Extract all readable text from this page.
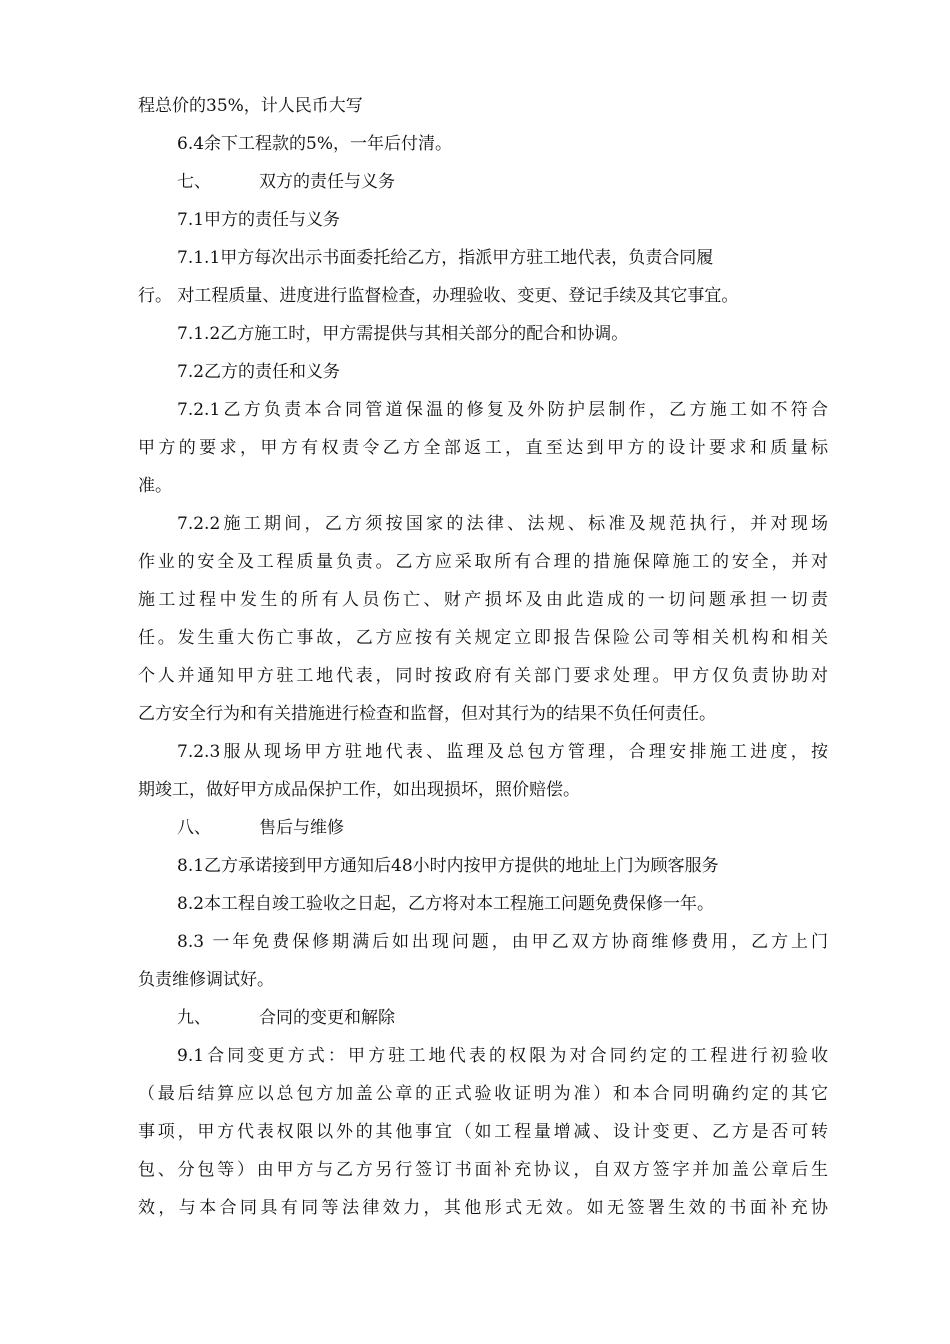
程总价的35%，计人民币大写
6.4余下工程款的5%，一年后付清。
七、	双方的责任与义务
7.1甲方的责任与义务
7.1.1甲方每次出示书面委托给乙方，指派甲方驻工地代表，负责合同履
行。 对工程质量、进度进行监督检查，办理验收、变更、登记手续及其它事宜。
7.1.2乙方施工时，甲方需提供与其相关部分的配合和协调。
7.2乙方的责任和义务
7.2.1乙方负责本合同管道保温的修复及外防护层制作，乙方施工如不符合
甲方的要求，甲方有权责令乙方全部返工，直至达到甲方的设计要求和质量标
准。
7.2.2施工期间，乙方须按国家的法律、法规、标准及规范执行，并对现场
作业的安全及工程质量负责。乙方应采取所有合理的措施保障施工的安全，并对
施工过程中发生的所有人员伤亡、财产损坏及由此造成的一切问题承担一切责
任。发生重大伤亡事故，乙方应按有关规定立即报告保险公司等相关机构和相关
个人并通知甲方驻工地代表，同时按政府有关部门要求处理。甲方仅负责协助对
乙方安全行为和有关措施进行检查和监督，但对其行为的结果不负任何责任。
7.2.3服从现场甲方驻地代表、监理及总包方管理，合理安排施工进度，按
期竣工，做好甲方成品保护工作，如出现损坏，照价赔偿。
八、	售后与维修
8.1乙方承诺接到甲方通知后48小时内按甲方提供的地址上门为顾客服务
8.2本工程自竣工验收之日起，乙方将对本工程施工问题免费保修一年。
8.3 一年免费保修期满后如出现问题，由甲乙双方协商维修费用，乙方上门
负责维修调试好。
九、	合同的变更和解除
9.1合同变更方式：甲方驻工地代表的权限为对合同约定的工程进行初验收
（最后结算应以总包方加盖公章的正式验收证明为准）和本合同明确约定的其它
事项，甲方代表权限以外的其他事宜（如工程量增减、设计变更、乙方是否可转
包、分包等）由甲方与乙方另行签订书面补充协议，自双方签字并加盖公章后生
效，与本合同具有同等法律效力，其他形式无效。如无签署生效的书面补充协
